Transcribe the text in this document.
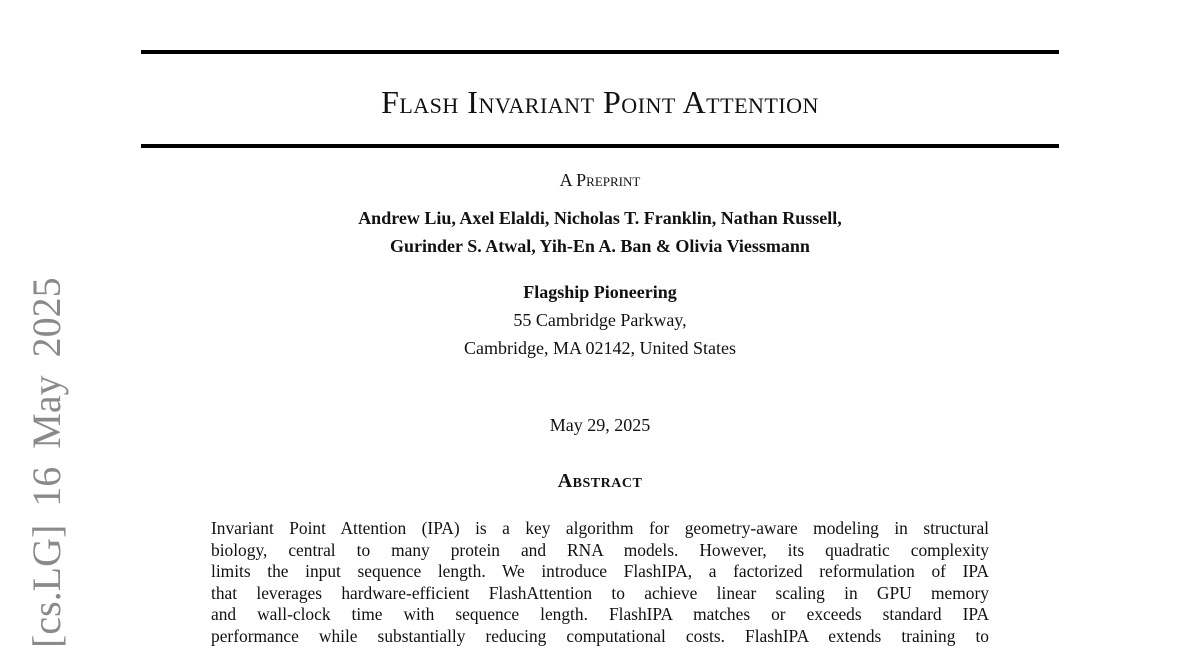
[cs.LG] 16 May 2025
Flash Invariant Point Attention
A Preprint
Andrew Liu, Axel Elaldi, Nicholas T. Franklin, Nathan Russell,
Gurinder S. Atwal, Yih-En A. Ban & Olivia Viessmann
Flagship Pioneering
55 Cambridge Parkway,
Cambridge, MA 02142, United States
May 29, 2025
Abstract
Invariant Point Attention (IPA) is a key algorithm for geometry-aware modeling in structural
biology, central to many protein and RNA models. However, its quadratic complexity
limits the input sequence length. We introduce FlashIPA, a factorized reformulation of IPA
that leverages hardware-efficient FlashAttention to achieve linear scaling in GPU memory
and wall-clock time with sequence length. FlashIPA matches or exceeds standard IPA
performance while substantially reducing computational costs. FlashIPA extends training to
